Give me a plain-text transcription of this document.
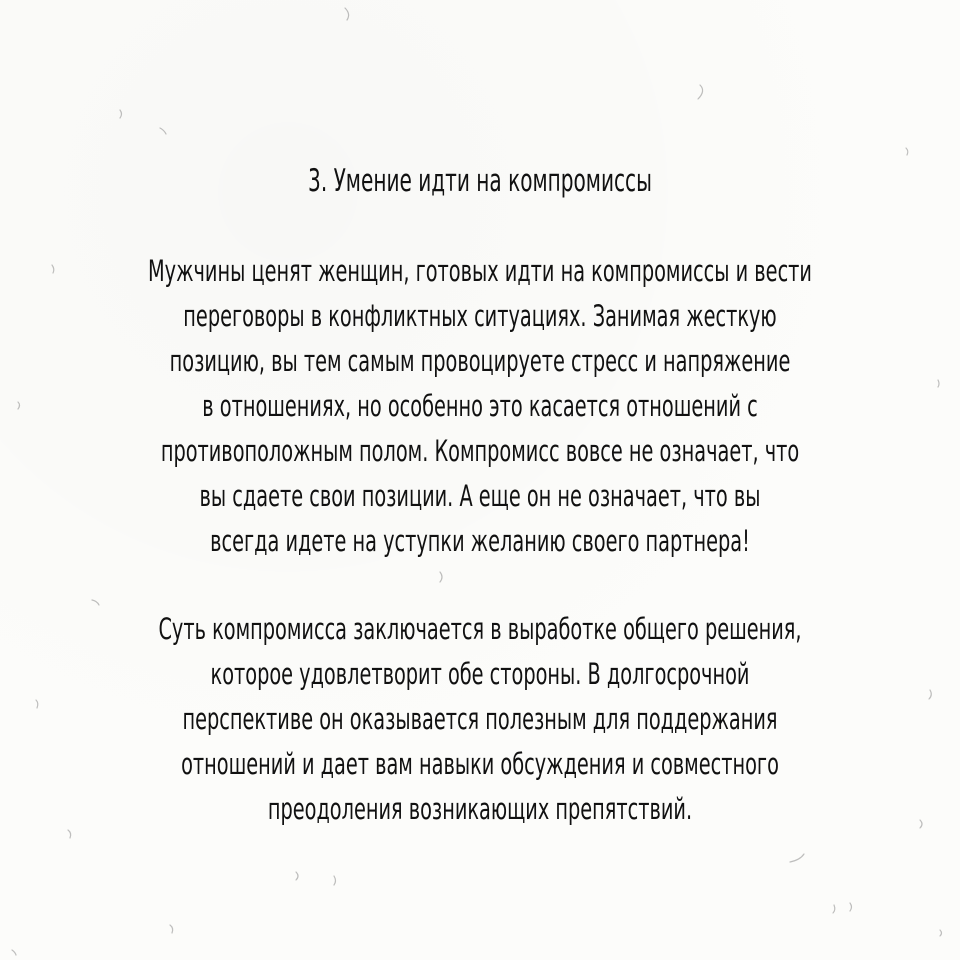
3. Умение идти на компромиссы
Мужчины ценят женщин, готовых идти на компромиссы и вести
переговоры в конфликтных ситуациях. Занимая жесткую
позицию, вы тем самым провоцируете стресс и напряжение
в отношениях, но особенно это касается отношений с
противоположным полом. Компромисс вовсе не означает, что
вы сдаете свои позиции. А еще он не означает, что вы
всегда идете на уступки желанию своего партнера!
Суть компромисса заключается в выработке общего решения,
которое удовлетворит обе стороны. В долгосрочной
перспективе он оказывается полезным для поддержания
отношений и дает вам навыки обсуждения и совместного
преодоления возникающих препятствий.
